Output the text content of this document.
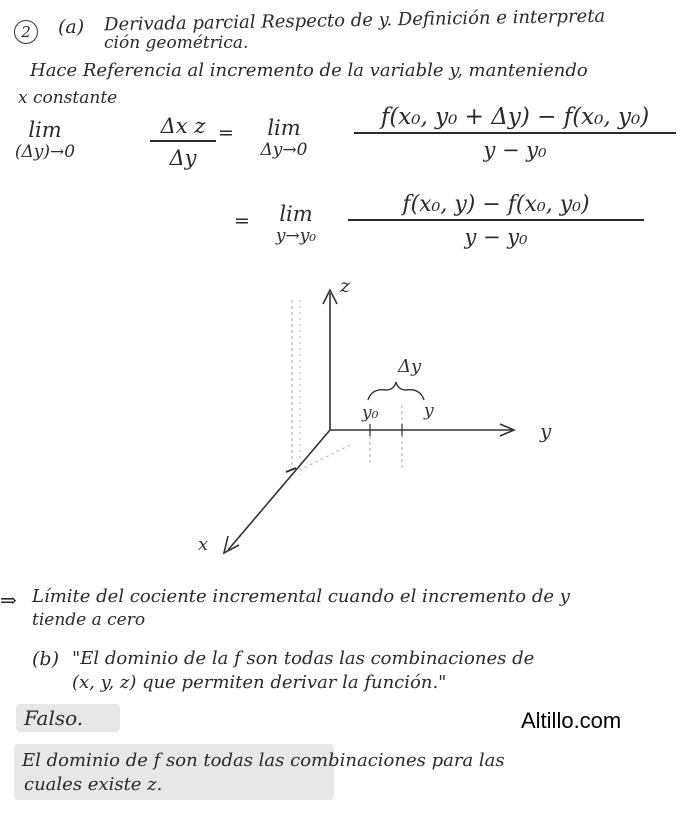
2	(a) Derivada parcial Respecto de y. Definición e interpreta
ción geométrica.
Hace Referencia al incremento de la variable y, manteniendo
x constante
lim
(Δy)→0
Δx z
Δy
=	lim
Δy→0
f(x₀, y₀ + Δy) − f(x₀, y₀)
y − y₀
=	lim
y→y₀
f(x₀, y) − f(x₀, y₀)
y − y₀
z
y
x
y₀	y
Δy
⇒ Límite del cociente incremental cuando el incremento de y
tiende a cero
(b) "El dominio de la f son todas las combinaciones de
(x, y, z) que permiten derivar la función."
Falso.	Altillo.com
El dominio de f son todas las combinaciones para las
cuales existe z.
